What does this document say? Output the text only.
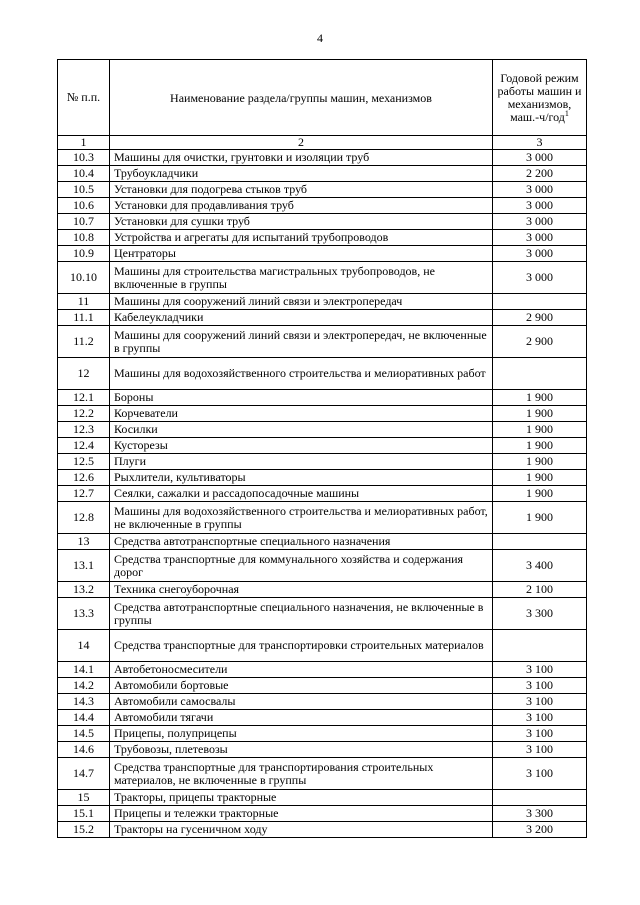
4
№ п.п.	Наименование раздела/группы машин, механизмов	Годовой режим работы машин и механизмов, маш.-ч/год$^1$
1	2	3
10.3	Машины для очистки, грунтовки и изоляции труб	3 000
10.4	Трубоукладчики	2 200
10.5	Установки для подогрева стыков труб	3 000
10.6	Установки для продавливания труб	3 000
10.7	Установки для сушки труб	3 000
10.8	Устройства и агрегаты для испытаний трубопроводов	3 000
10.9	Центраторы	3 000
10.10	Машины для строительства магистральных трубопроводов, не включенные в группы	3 000
11	Машины для сооружений линий связи и электропередач	
11.1	Кабелеукладчики	2 900
11.2	Машины для сооружений линий связи и электропередач, не включенные в группы	2 900
12	Машины для водохозяйственного строительства и мелиоративных работ	
12.1	Бороны	1 900
12.2	Корчеватели	1 900
12.3	Косилки	1 900
12.4	Кусторезы	1 900
12.5	Плуги	1 900
12.6	Рыхлители, культиваторы	1 900
12.7	Сеялки, сажалки и рассадопосадочные машины	1 900
12.8	Машины для водохозяйственного строительства и мелиоративных работ, не включенные в группы	1 900
13	Средства автотранспортные специального назначения	
13.1	Средства транспортные для коммунального хозяйства и содержания дорог	3 400
13.2	Техника снегоуборочная	2 100
13.3	Средства автотранспортные специального назначения, не включенные в группы	3 300
14	Средства транспортные для транспортировки строительных материалов	
14.1	Автобетоносмесители	3 100
14.2	Автомобили бортовые	3 100
14.3	Автомобили самосвалы	3 100
14.4	Автомобили тягачи	3 100
14.5	Прицепы, полуприцепы	3 100
14.6	Трубовозы, плетевозы	3 100
14.7	Средства транспортные для транспортирования строительных материалов, не включенные в группы	3 100
15	Тракторы, прицепы тракторные	
15.1	Прицепы и тележки тракторные	3 300
15.2	Тракторы на гусеничном ходу	3 200
